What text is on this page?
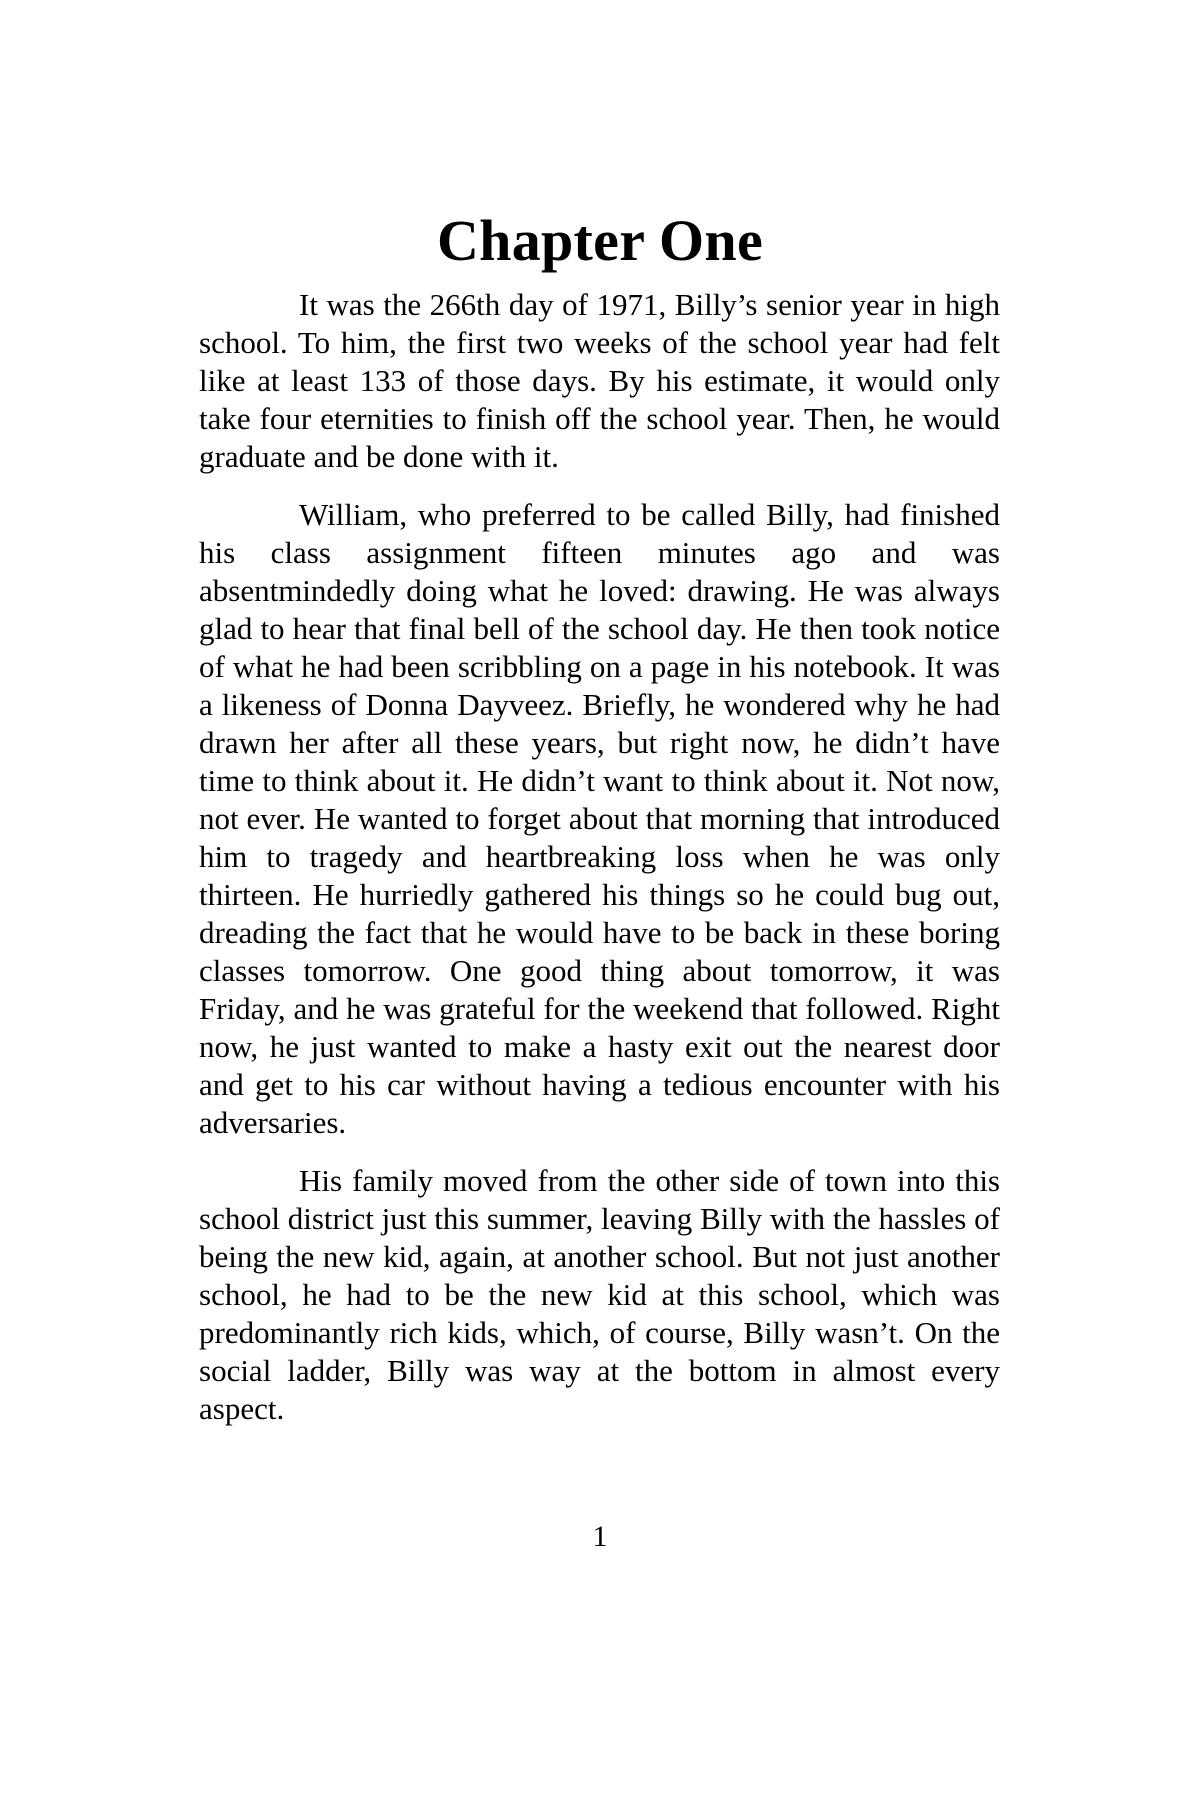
Chapter One

It was the 266th day of 1971, Billy’s senior year in high school. To him, the first two weeks of the school year had felt like at least 133 of those days. By his estimate, it would only take four eternities to finish off the school year. Then, he would graduate and be done with it.

William, who preferred to be called Billy, had finished his class assignment fifteen minutes ago and was absentmindedly doing what he loved: drawing. He was always glad to hear that final bell of the school day. He then took notice of what he had been scribbling on a page in his notebook. It was a likeness of Donna Dayveez. Briefly, he wondered why he had drawn her after all these years, but right now, he didn’t have time to think about it. He didn’t want to think about it. Not now, not ever. He wanted to forget about that morning that introduced him to tragedy and heartbreaking loss when he was only thirteen. He hurriedly gathered his things so he could bug out, dreading the fact that he would have to be back in these boring classes tomorrow. One good thing about tomorrow, it was Friday, and he was grateful for the weekend that followed. Right now, he just wanted to make a hasty exit out the nearest door and get to his car without having a tedious encounter with his adversaries.

His family moved from the other side of town into this school district just this summer, leaving Billy with the hassles of being the new kid, again, at another school. But not just another school, he had to be the new kid at this school, which was predominantly rich kids, which, of course, Billy wasn’t. On the social ladder, Billy was way at the bottom in almost every aspect.

1
